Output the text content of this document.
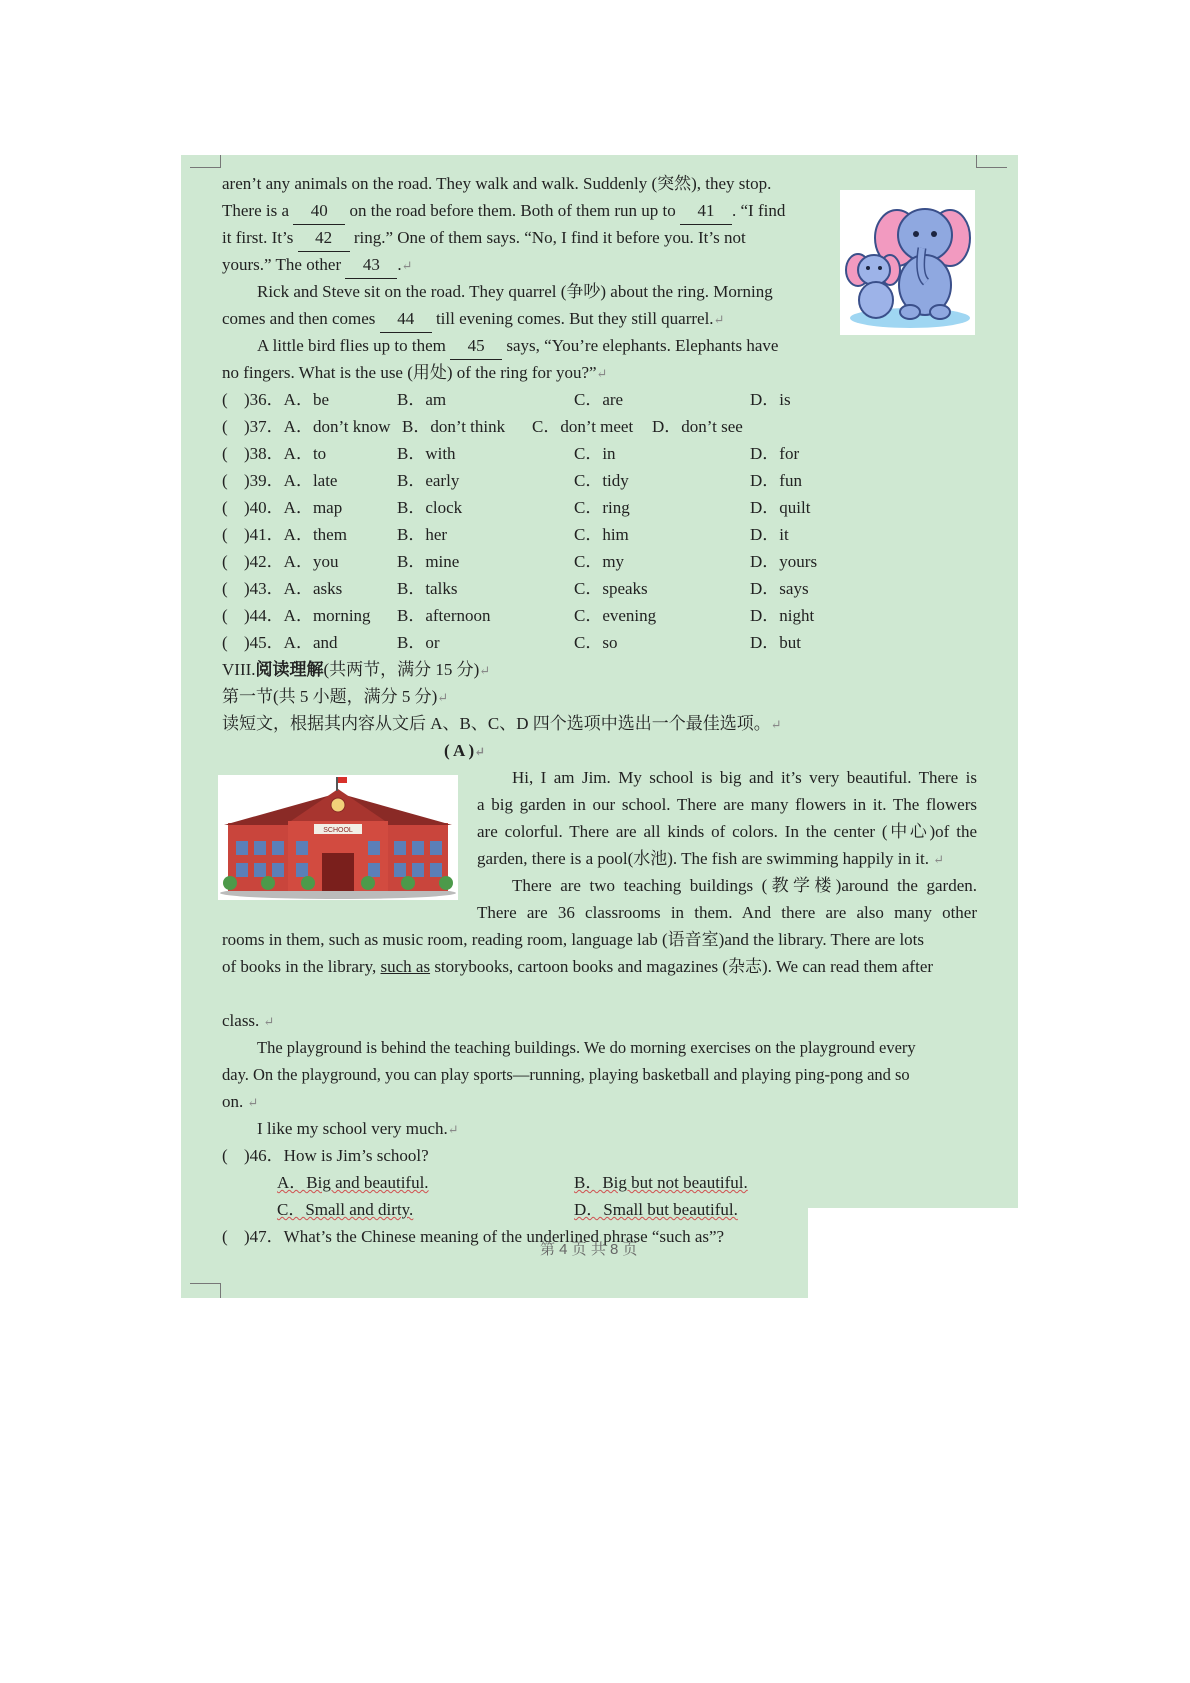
SCHOOL
aren’t any animals on the road. They walk and walk. Suddenly (突然), they stop.
There is a 40 on the road before them. Both of them run up to 41 . “I find
it first. It’s 42 ring.” One of them says. “No, I find it before you. It’s not
yours.” The other 43 .↵
Rick and Steve sit on the road. They quarrel (争吵) about the ring. Morning
comes and then comes 44 till evening comes. But they still quarrel.↵
A little bird flies up to them 45 says, “You’re elephants. Elephants have
no fingers. What is the use (用处) of the ring for you?”↵
( )36．A．be	B．am	C．are	D．is
( )37．A．don’t know B．don’t think C．don’t meet D．don’t see
( )38．A．to	B．with	C．in	D．for
( )39．A．late	B．early	C．tidy	D．fun
( )40．A．map	B．clock	C．ring	D．quilt
( )41．A．them	B．her	C．him	D．it
( )42．A．you	B．mine	C．my	D．yours
( )43．A．asks	B．talks	C．speaks	D．says
( )44．A．morning B．afternoon	C．evening	D．night
( )45．A．and	B．or	C．so	D．but
VIII.阅读理解(共两节，满分 15 分)↵
第一节(共 5 小题，满分 5 分)↵
读短文，根据其内容从文后 A、B、C、D 四个选项中选出一个最佳选项。↵
( A )↵
Hi, I am Jim. My school is big and it’s very beautiful. There is
a big garden in our school. There are many flowers in it. The flowers
are colorful. There are all kinds of colors. In the center (中心)of the
garden, there is a pool(水池). The fish are swimming happily in it. ↵
There are two teaching buildings (教学楼)around the garden.
There are 36 classrooms in them. And there are also many other
rooms in them, such as music room, reading room, language lab (语音室)and the library. There are lots
of books in the library, such as storybooks, cartoon books and magazines (杂志). We can read them after
class. ↵
The playground is behind the teaching buildings. We do morning exercises on the playground every
day. On the playground, you can play sports—running, playing basketball and playing ping-pong and so
on. ↵
I like my school very much.↵
( )46．How is Jim’s school?
A．Big and beautiful.	B．Big but not beautiful.
C．Small and dirty.	D．Small but beautiful.
( )47．What’s the Chinese meaning of the underlined phrase “such as”?
第 4 页 共 8 页
